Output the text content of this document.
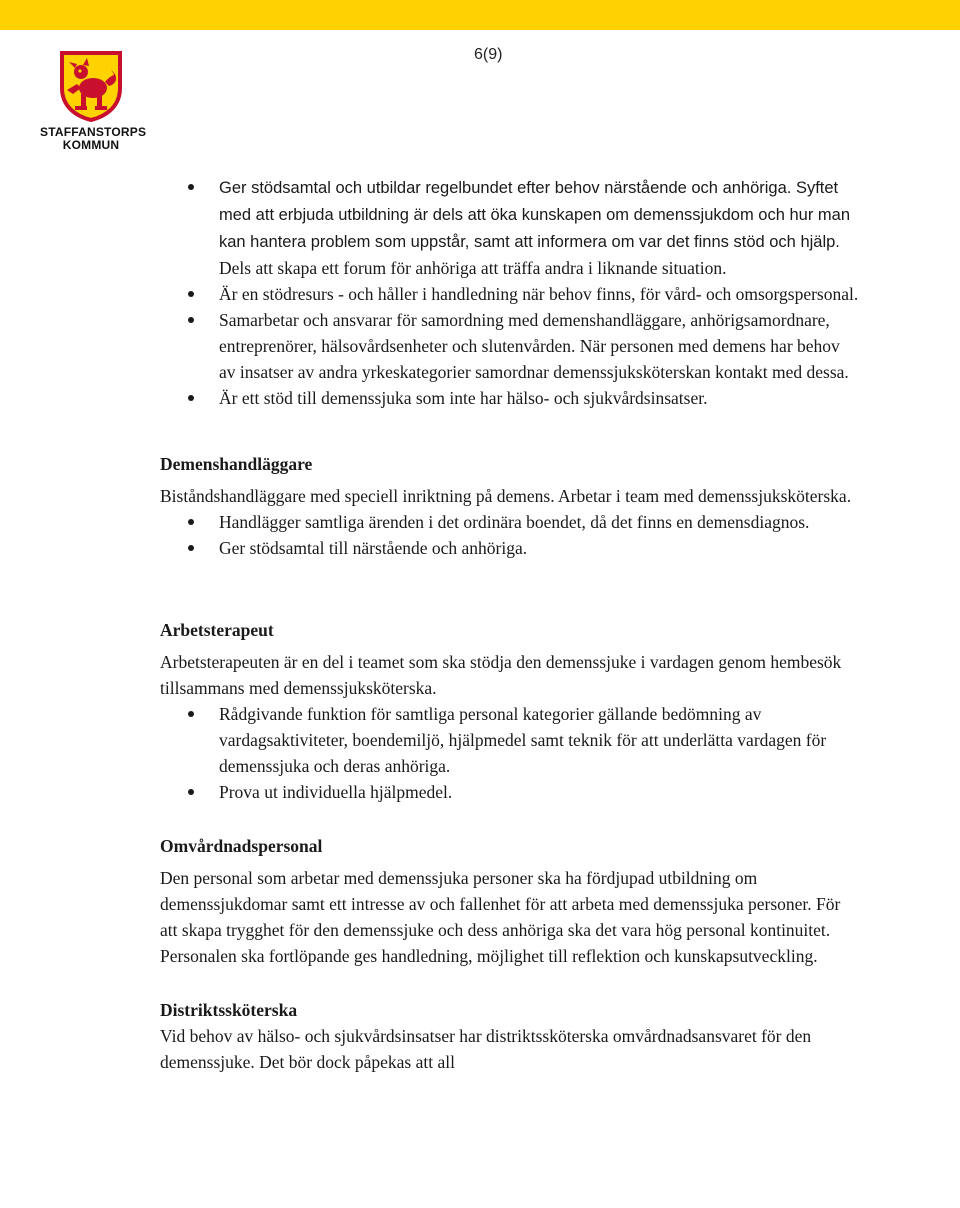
6(9)
STAFFANSTORPS
KOMMUN
Ger stödsamtal och utbildar regelbundet efter behov närstående och anhöriga. Syftet med att erbjuda utbildning är dels att öka kunskapen om demenssjukdom och hur man kan hantera problem som uppstår, samt att informera om var det finns stöd och hjälp. Dels att skapa ett forum för anhöriga att träffa andra i liknande situation.
Är en stödresurs - och håller i handledning när behov finns, för vård- och omsorgspersonal.
Samarbetar och ansvarar för samordning med demenshandläggare, anhörigsamordnare, entreprenörer, hälsovårdsenheter och slutenvården. När personen med demens har behov av insatser av andra yrkeskategorier samordnar demenssjuksköterskan kontakt med dessa.
Är ett stöd till demenssjuka som inte har hälso- och sjukvårdsinsatser.
Demenshandläggare

Biståndshandläggare med speciell inriktning på demens. Arbetar i team med demenssjuksköterska.

Handlägger samtliga ärenden i det ordinära boendet, då det finns en demensdiagnos.
Ger stödsamtal till närstående och anhöriga.
Arbetsterapeut

Arbetsterapeuten är en del i teamet som ska stödja den demenssjuke i vardagen genom hembesök tillsammans med demenssjuksköterska.

Rådgivande funktion för samtliga personal kategorier gällande bedömning av vardagsaktiviteter, boendemiljö, hjälpmedel samt teknik för att underlätta vardagen för demenssjuka och deras anhöriga.
Prova ut individuella hjälpmedel.
Omvårdnadspersonal

Den personal som arbetar med demenssjuka personer ska ha fördjupad utbildning om demenssjukdomar samt ett intresse av och fallenhet för att arbeta med demenssjuka personer. För att skapa trygghet för den demenssjuke och dess anhöriga ska det vara hög personal kontinuitet. Personalen ska fortlöpande ges handledning, möjlighet till reflektion och kunskapsutveckling.

Distriktssköterska

Vid behov av hälso- och sjukvårdsinsatser har distriktssköterska omvårdnadsansvaret för den demenssjuke. Det bör dock påpekas att all
